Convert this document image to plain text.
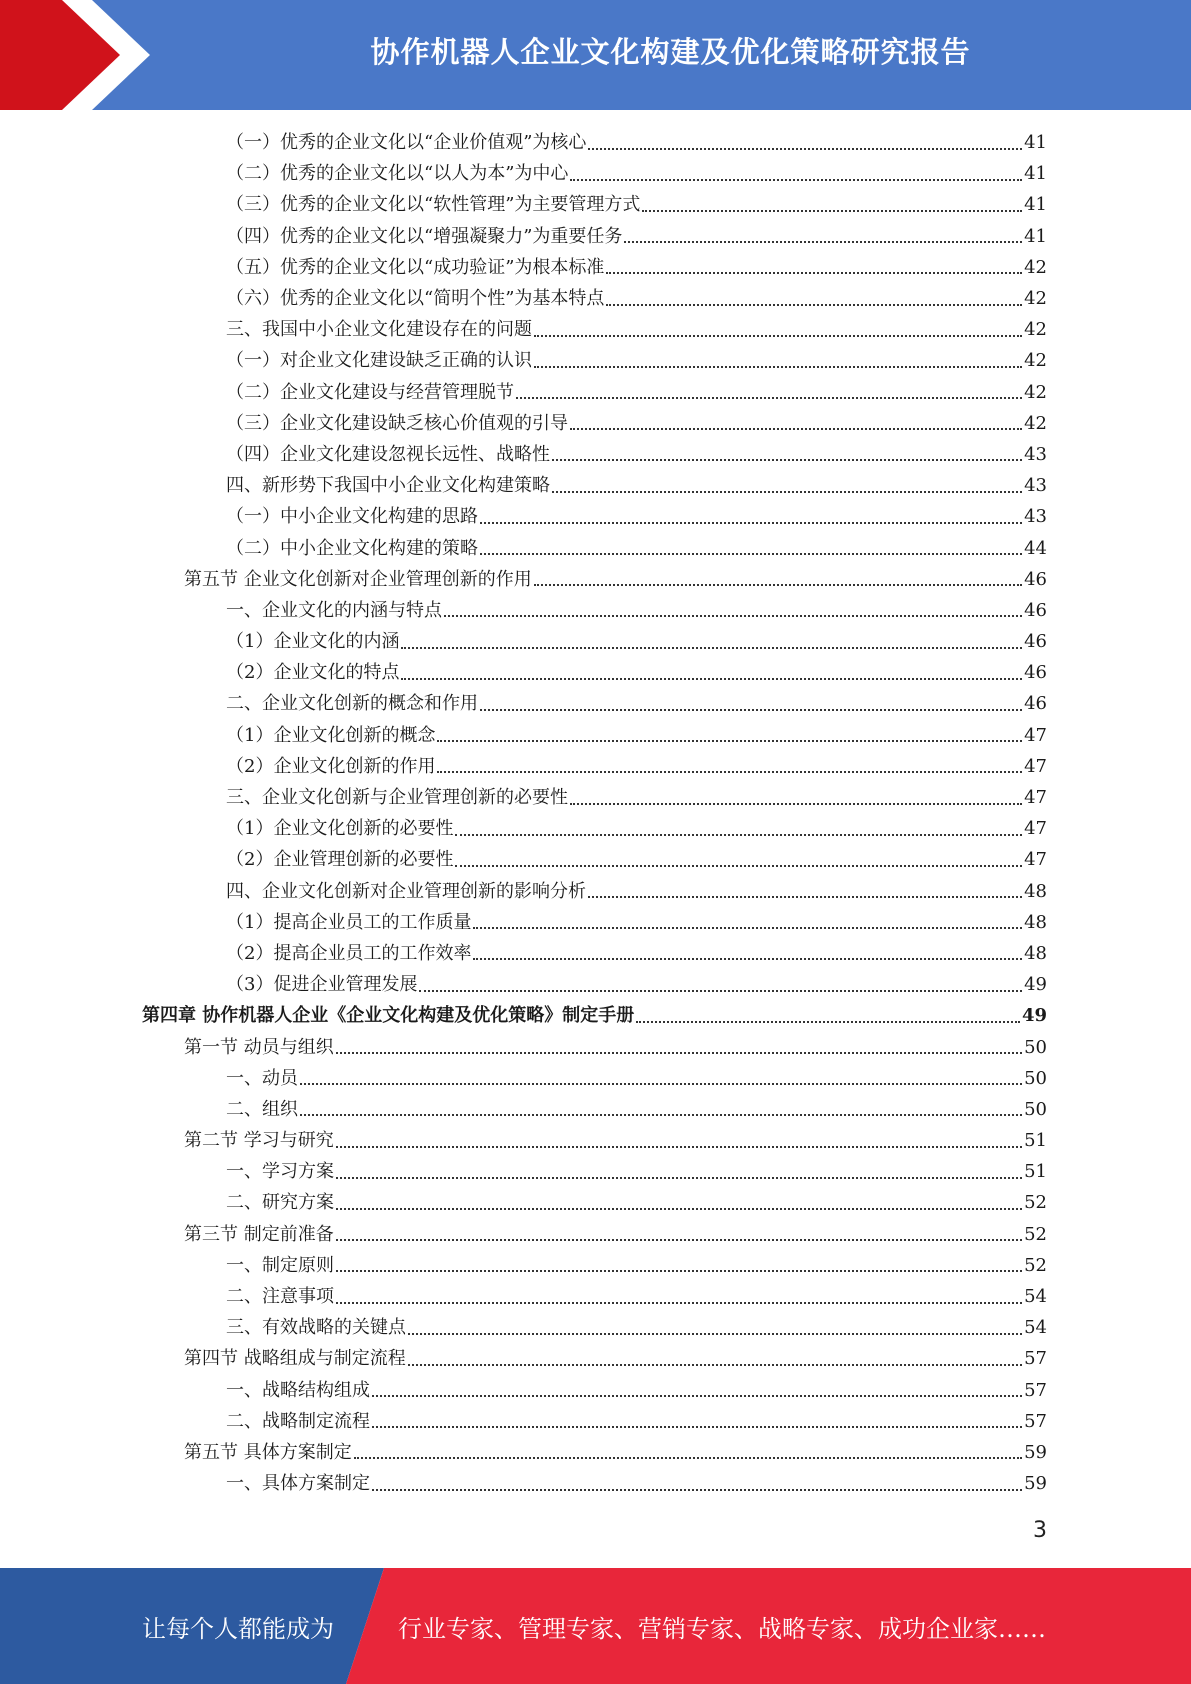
协作机器人企业文化构建及优化策略研究报告
（一）优秀的企业文化以“企业价值观”为核心	41
（二）优秀的企业文化以“以人为本”为中心	41
（三）优秀的企业文化以“软性管理”为主要管理方式	41
（四）优秀的企业文化以“增强凝聚力”为重要任务	41
（五）优秀的企业文化以“成功验证”为根本标准	42
（六）优秀的企业文化以“简明个性”为基本特点	42
三、我国中小企业文化建设存在的问题	42
（一）对企业文化建设缺乏正确的认识	42
（二）企业文化建设与经营管理脱节	42
（三）企业文化建设缺乏核心价值观的引导	42
（四）企业文化建设忽视长远性、战略性	43
四、新形势下我国中小企业文化构建策略	43
（一）中小企业文化构建的思路	43
（二）中小企业文化构建的策略	44
第五节 企业文化创新对企业管理创新的作用	46
一、企业文化的内涵与特点	46
（1）企业文化的内涵	46
（2）企业文化的特点	46
二、企业文化创新的概念和作用	46
（1）企业文化创新的概念	47
（2）企业文化创新的作用	47
三、企业文化创新与企业管理创新的必要性	47
（1）企业文化创新的必要性	47
（2）企业管理创新的必要性	47
四、企业文化创新对企业管理创新的影响分析	48
（1）提高企业员工的工作质量	48
（2）提高企业员工的工作效率	48
（3）促进企业管理发展	49
第四章 协作机器人企业《企业文化构建及优化策略》制定手册	49
第一节 动员与组织	50
一、动员	50
二、组织	50
第二节 学习与研究	51
一、学习方案	51
二、研究方案	52
第三节 制定前准备	52
一、制定原则	52
二、注意事项	54
三、有效战略的关键点	54
第四节 战略组成与制定流程	57
一、战略结构组成	57
二、战略制定流程	57
第五节 具体方案制定	59
一、具体方案制定	59
3
让每个人都能成为	行业专家、管理专家、营销专家、战略专家、成功企业家……
